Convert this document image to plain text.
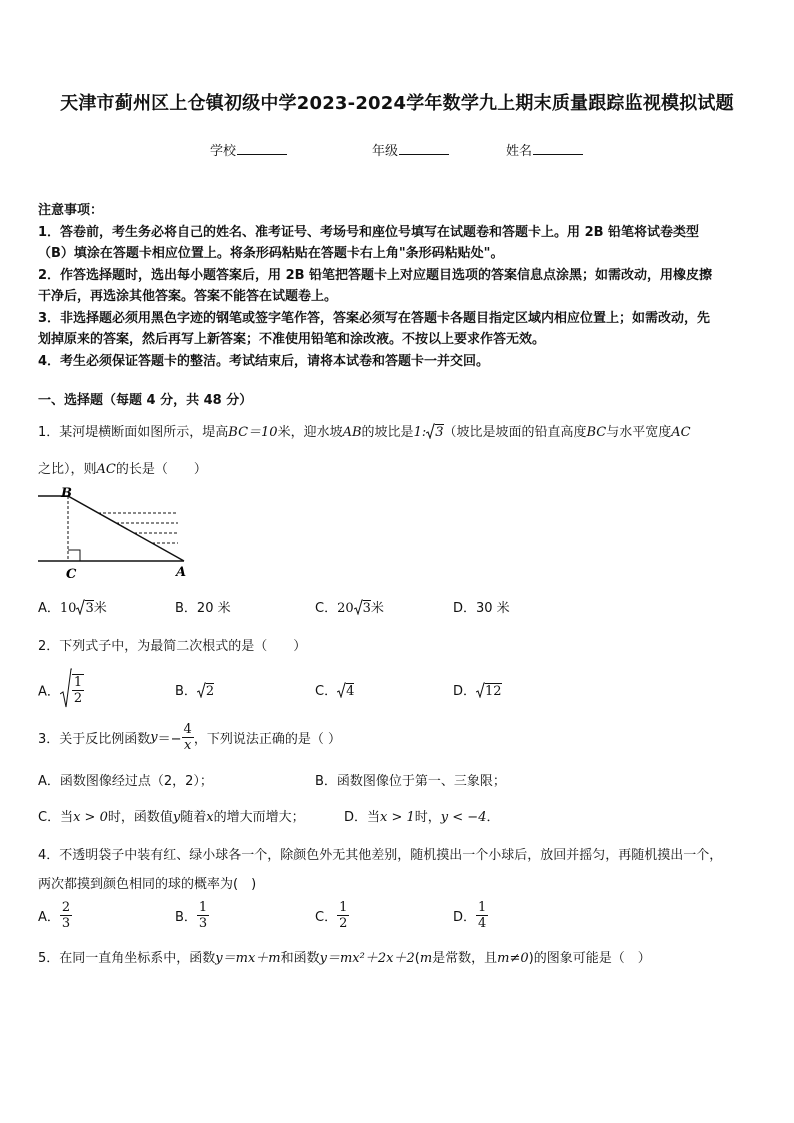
天津市蓟州区上仓镇初级中学2023-2024学年数学九上期末质量跟踪监视模拟试题
学校	年级	姓名
注意事项：
1．答卷前，考生务必将自己的姓名、准考证号、考场号和座位号填写在试题卷和答题卡上。用 2B 铅笔将试卷类型
（B）填涂在答题卡相应位置上。将条形码粘贴在答题卡右上角"条形码粘贴处"。
2．作答选择题时，选出每小题答案后，用 2B 铅笔把答题卡上对应题目选项的答案信息点涂黑；如需改动，用橡皮擦
干净后，再选涂其他答案。答案不能答在试题卷上。
3．非选择题必须用黑色字迹的钢笔或签字笔作答，答案必须写在答题卡各题目指定区域内相应位置上；如需改动，先
划掉原来的答案，然后再写上新答案；不准使用铅笔和涂改液。不按以上要求作答无效。
4．考生必须保证答题卡的整洁。考试结束后，请将本试卷和答题卡一并交回。
一、选择题（每题 4 分，共 48 分）
1．某河堤横断面如图所示，堤高BC＝10米，迎水坡AB的坡比是1: 3（坡比是坡面的铅直高度BC与水平宽度AC
之比），则AC的长是（　　）
B
C	A
A．10 3米	B．20 米	C．20 3米	D．30 米
2．下列式子中，为最简二次根式的是（　　）
A． $\frac{1}{2}$	B． 2	C． 4	D． 12
3．关于反比例函数$y=- \frac{4}{x}$ ，下列说法正确的是（ ）
A．函数图像经过点（2，2）；	B．函数图像位于第一、三象限；
C．当x > 0时，函数值y随着x的增大而增大；	D．当x > 1时，y < −4．
4．不透明袋子中装有红、绿小球各一个，除颜色外无其他差别，随机摸出一个小球后，放回并摇匀，再随机摸出一个，
两次都摸到颜色相同的球的概率为(　)
A． $\frac{2}{3}$	B． $\frac{1}{3}$	C． $\frac{1}{2}$	D． $\frac{1}{4}$
5．在同一直角坐标系中，函数y＝mx＋m和函数y＝mx²＋2x＋2(m是常数，且m≠0)的图象可能是（　）
